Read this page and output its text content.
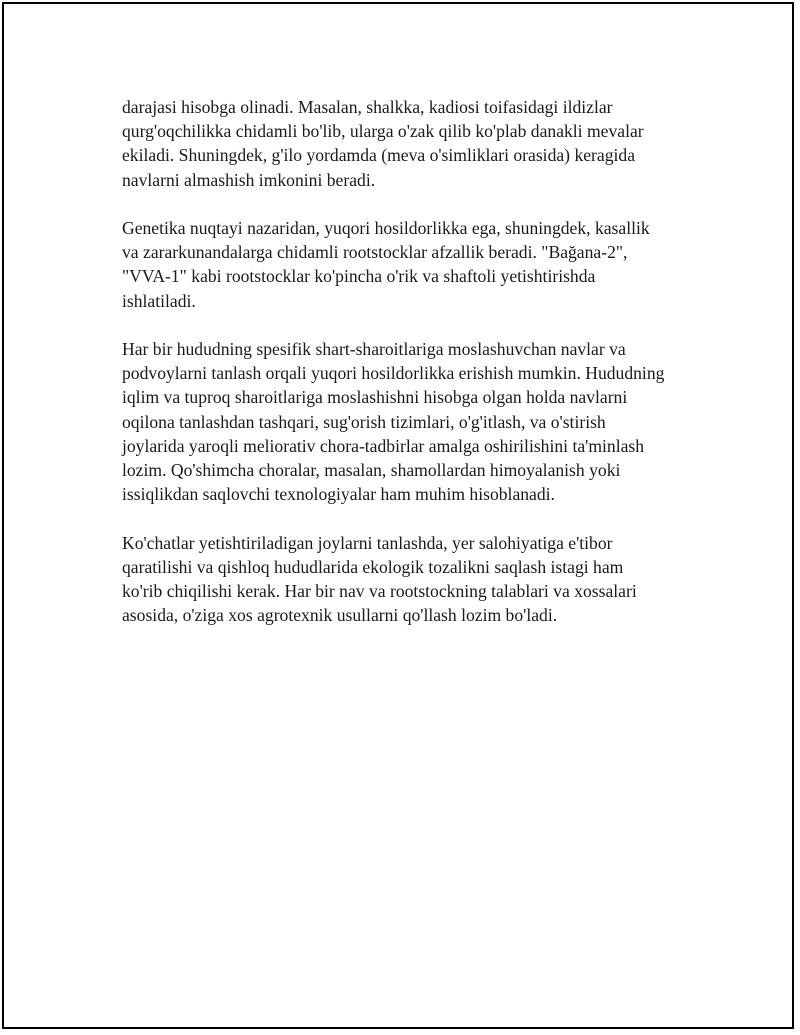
darajasi hisobga olinadi. Masalan, shalkka, kadiosi toifasidagi ildizlar
qurg'oqchilikka chidamli bo'lib, ularga o'zak qilib ko'plab danakli mevalar
ekiladi. Shuningdek, g'ilo yordamda (meva o'simliklari orasida) keragida
navlarni almashish imkonini beradi.

Genetika nuqtayi nazaridan, yuqori hosildorlikka ega, shuningdek, kasallik
va zararkunandalarga chidamli rootstocklar afzallik beradi. "Bağana-2",
"VVA-1" kabi rootstocklar ko'pincha o'rik va shaftoli yetishtirishda
ishlatiladi.

Har bir hududning spesifik shart-sharoitlariga moslashuvchan navlar va
podvoylarni tanlash orqali yuqori hosildorlikka erishish mumkin. Hududning
iqlim va tuproq sharoitlariga moslashishni hisobga olgan holda navlarni
oqilona tanlashdan tashqari, sug'orish tizimlari, o'g'itlash, va o'stirish
joylarida yaroqli meliorativ chora-tadbirlar amalga oshirilishini ta'minlash
lozim. Qo'shimcha choralar, masalan, shamollardan himoyalanish yoki
issiqlikdan saqlovchi texnologiyalar ham muhim hisoblanadi.

Ko'chatlar yetishtiriladigan joylarni tanlashda, yer salohiyatiga e'tibor
qaratilishi va qishloq hududlarida ekologik tozalikni saqlash istagi ham
ko'rib chiqilishi kerak. Har bir nav va rootstockning talablari va xossalari
asosida, o'ziga xos agrotexnik usullarni qo'llash lozim bo'ladi.
